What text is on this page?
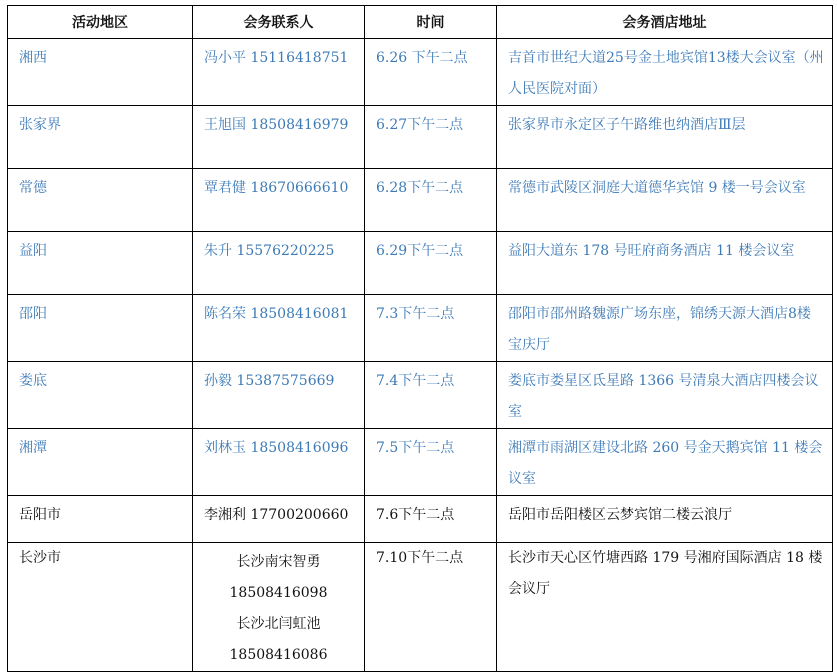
活动地区	会务联系人	时间	会务酒店地址

湘西	冯小平 15116418751	6.26 下午二点	吉首市世纪大道25号金土地宾馆13楼大会议室（州人民医院对面）

张家界	王旭国 18508416979	6.27下午二点	张家界市永定区子午路维也纳酒店Ⅲ层

常德	覃君健 18670666610	6.28下午二点	常德市武陵区洞庭大道德华宾馆 9 楼一号会议室

益阳	朱升 15576220225	6.29下午二点	益阳大道东 178 号旺府商务酒店 11 楼会议室

邵阳	陈名荣 18508416081	7.3下午二点	邵阳市邵州路魏源广场东座，锦绣天源大酒店8楼宝庆厅

娄底	孙毅 15387575669	7.4下午二点	娄底市娄星区氐星路 1366 号清泉大酒店四楼会议室

湘潭	刘林玉 18508416096	7.5下午二点	湘潭市雨湖区建设北路 260 号金天鹅宾馆 11 楼会议室

岳阳市	李湘利 17700200660	7.6下午二点	岳阳市岳阳楼区云梦宾馆二楼云浪厅

长沙市	长沙南宋智勇
18508416098
长沙北闫虹池
18508416086	7.10下午二点	长沙市天心区竹塘西路 179 号湘府国际酒店 18 楼会议厅
